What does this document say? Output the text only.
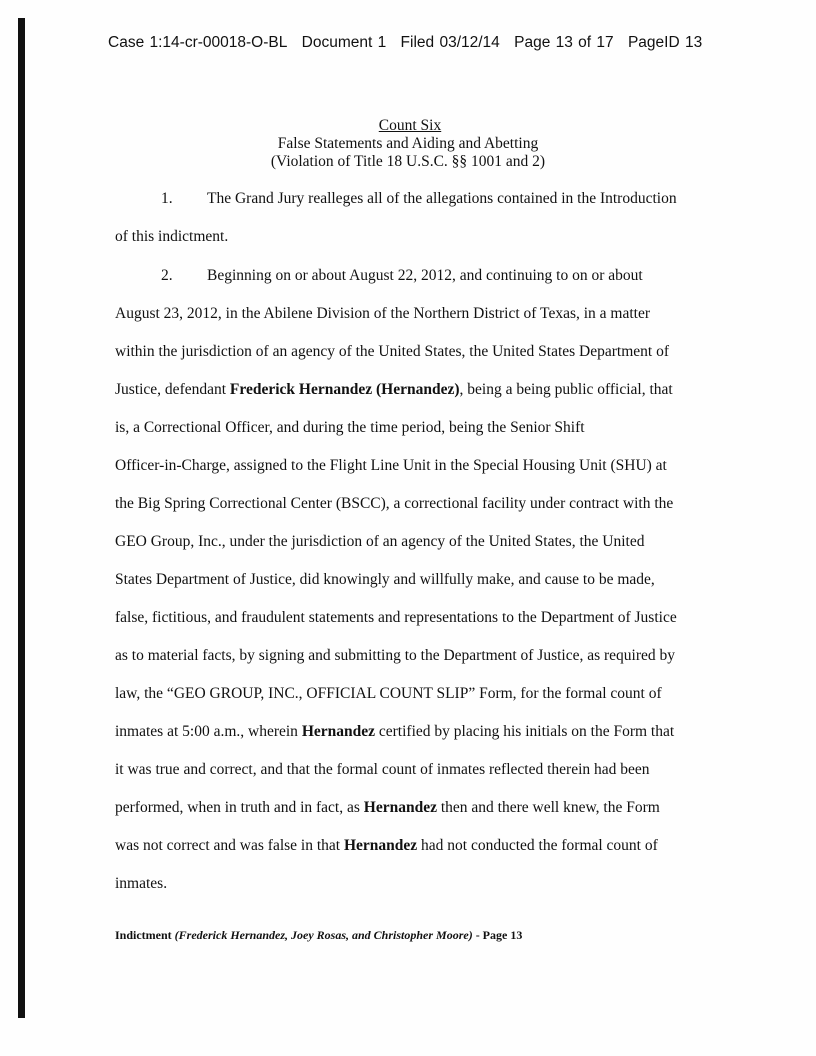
Case 1:14-cr-00018-O-BL Document 1 Filed 03/12/14 Page 13 of 17 PageID 13
Count Six
False Statements and Aiding and Abetting
(Violation of Title 18 U.S.C. §§ 1001 and 2)
1. The Grand Jury realleges all of the allegations contained in the Introduction
of this indictment.
2. Beginning on or about August 22, 2012, and continuing to on or about
August 23, 2012, in the Abilene Division of the Northern District of Texas, in a matter
within the jurisdiction of an agency of the United States, the United States Department of
Justice, defendant Frederick Hernandez (Hernandez), being a being public official, that
is, a Correctional Officer, and during the time period, being the Senior Shift
Officer-in-Charge, assigned to the Flight Line Unit in the Special Housing Unit (SHU) at
the Big Spring Correctional Center (BSCC), a correctional facility under contract with the
GEO Group, Inc., under the jurisdiction of an agency of the United States, the United
States Department of Justice, did knowingly and willfully make, and cause to be made,
false, fictitious, and fraudulent statements and representations to the Department of Justice
as to material facts, by signing and submitting to the Department of Justice, as required by
law, the “GEO GROUP, INC., OFFICIAL COUNT SLIP” Form, for the formal count of
inmates at 5:00 a.m., wherein Hernandez certified by placing his initials on the Form that
it was true and correct, and that the formal count of inmates reflected therein had been
performed, when in truth and in fact, as Hernandez then and there well knew, the Form
was not correct and was false in that Hernandez had not conducted the formal count of
inmates.
Indictment (Frederick Hernandez, Joey Rosas, and Christopher Moore) - Page 13
